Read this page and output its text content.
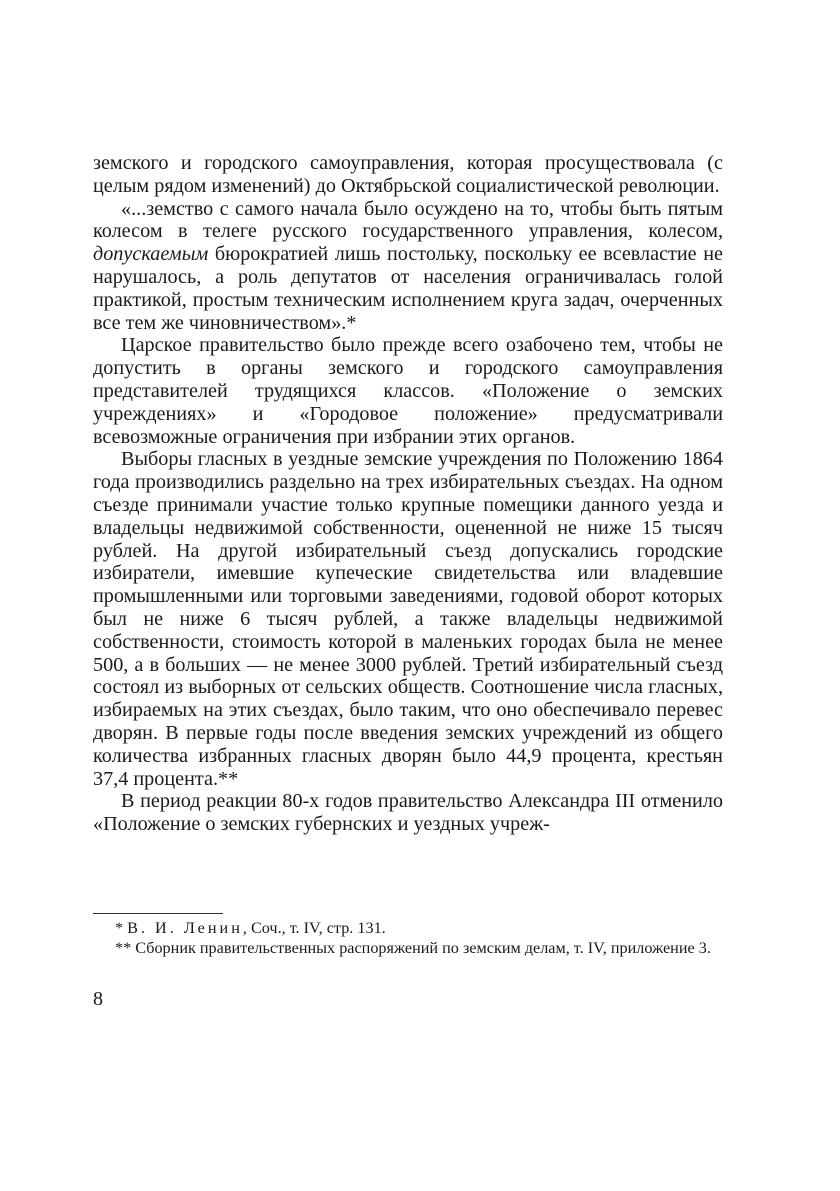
земского и городского самоуправления, которая просуществовала (с целым рядом изменений) до Октябрьской социалистической революции.

«...земство с самого начала было осуждено на то, чтобы быть пятым колесом в телеге русского государственного управления, колесом, допускаемым бюрократией лишь постольку, поскольку ее всевластие не нарушалось, а роль депутатов от населения ограничивалась голой практикой, простым техническим исполнением круга задач, очерченных все тем же чиновничеством».*

Царское правительство было прежде всего озабочено тем, чтобы не допустить в органы земского и городского самоуправления представителей трудящихся классов. «Положение о земских учреждениях» и «Городовое положение» предусматривали всевозможные ограничения при избрании этих органов.

Выборы гласных в уездные земские учреждения по Положению 1864 года производились раздельно на трех избирательных съездах. На одном съезде принимали участие только крупные помещики данного уезда и владельцы недвижимой собственности, оцененной не ниже 15 тысяч рублей. На другой избирательный съезд допускались городские избиратели, имевшие купеческие свидетельства или владевшие промышленными или торговыми заведениями, годовой оборот которых был не ниже 6 тысяч рублей, а также владельцы недвижимой собственности, стоимость которой в маленьких городах была не менее 500, а в больших — не менее 3000 рублей. Третий избирательный съезд состоял из выборных от сельских обществ. Соотношение числа гласных, избираемых на этих съездах, было таким, что оно обеспечивало перевес дворян. В первые годы после введения земских учреждений из общего количества избранных гласных дворян было 44,9 процента, крестьян 37,4 процента.**

В период реакции 80-х годов правительство Александра III отменило «Положение о земских губернских и уездных учреж-

* В. И. Ленин, Соч., т. IV, стр. 131.

** Сборник правительственных распоряжений по земским делам, т. IV, приложение 3.

8
